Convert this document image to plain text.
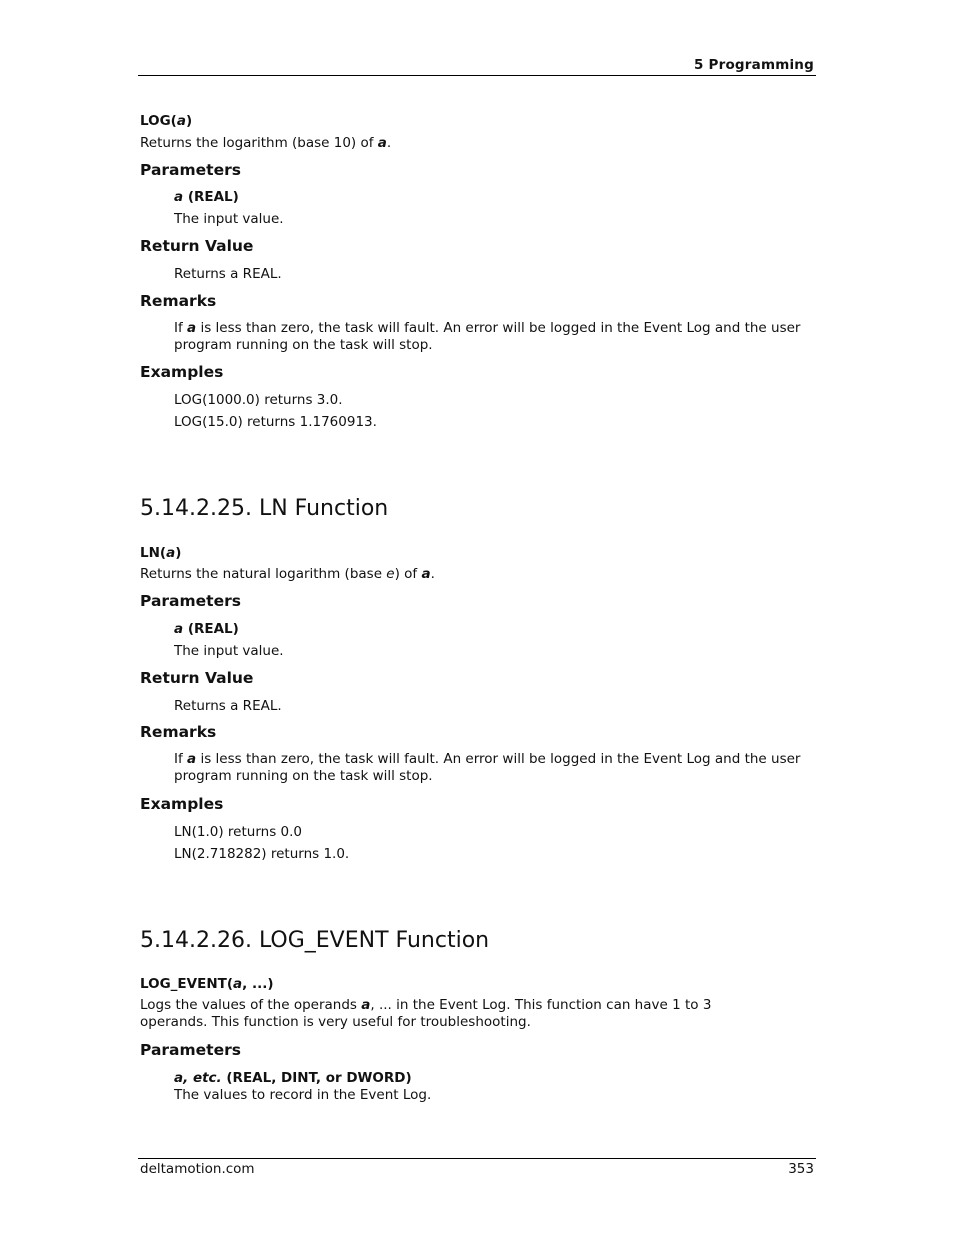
5 Programming
LOG(a)
Returns the logarithm (base 10) of a.
Parameters
a (REAL)
The input value.
Return Value
Returns a REAL.
Remarks
If a is less than zero, the task will fault. An error will be logged in the Event Log and the user program running on the task will stop.
Examples
LOG(1000.0) returns 3.0.
LOG(15.0) returns 1.1760913.
5.14.2.25. LN Function
LN(a)
Returns the natural logarithm (base e) of a.
Parameters
a (REAL)
The input value.
Return Value
Returns a REAL.
Remarks
If a is less than zero, the task will fault. An error will be logged in the Event Log and the user program running on the task will stop.
Examples
LN(1.0) returns 0.0
LN(2.718282) returns 1.0.
5.14.2.26. LOG_EVENT Function
LOG_EVENT(a, ...)
Logs the values of the operands a, ... in the Event Log. This function can have 1 to 3 operands. This function is very useful for troubleshooting.
Parameters
a, etc. (REAL, DINT, or DWORD)
The values to record in the Event Log.
deltamotion.com	353
